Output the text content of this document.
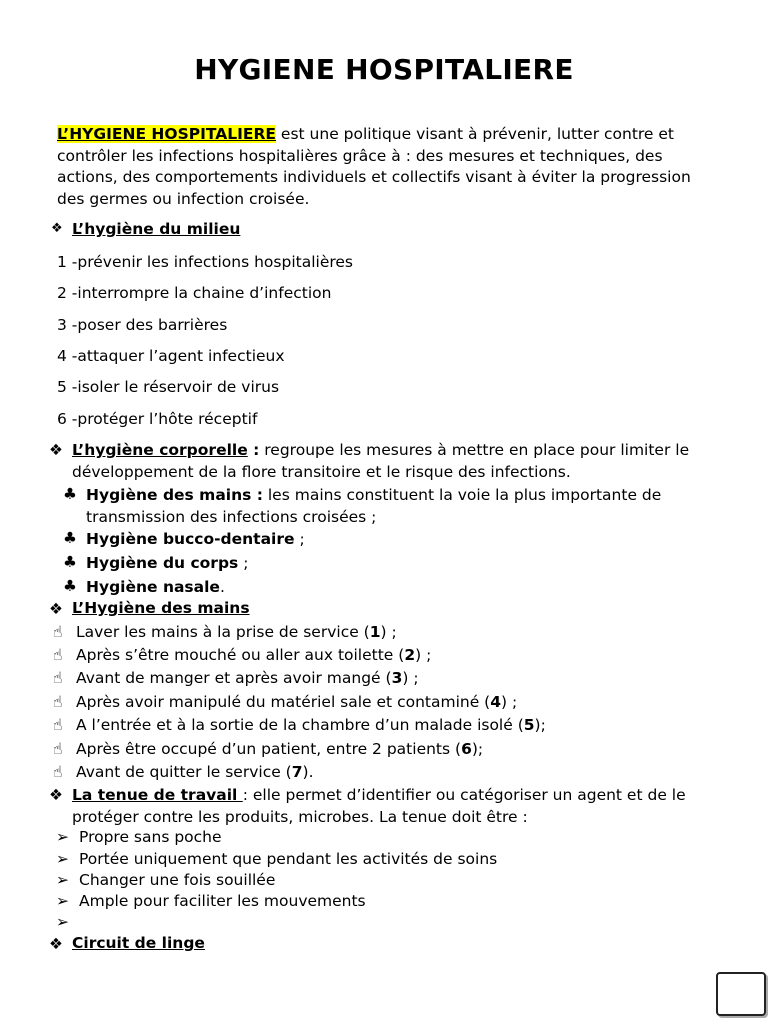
HYGIENE HOSPITALIERE
L’HYGIENE HOSPITALIERE est une politique visant à prévenir, lutter contre et contrôler les infections hospitalières grâce à : des mesures et techniques, des actions, des comportements individuels et collectifs visant à éviter la progression des germes ou infection croisée.
❖ L’hygiène du milieu
1 -prévenir les infections hospitalières
2 -interrompre la chaine d’infection
3 -poser des barrières
4 -attaquer l’agent infectieux
5 -isoler le réservoir de virus
6 -protéger l’hôte réceptif
❖ L’hygiène corporelle : regroupe les mesures à mettre en place pour limiter le développement de la flore transitoire et le risque des infections.
♣ Hygiène des mains : les mains constituent la voie la plus importante de transmission des infections croisées ;
♣ Hygiène bucco-dentaire ;
♣ Hygiène du corps ;
♣ Hygiène nasale.
❖ L’Hygiène des mains
☝ Laver les mains à la prise de service (1) ;
☝ Après s’être mouché ou aller aux toilette (2) ;
☝ Avant de manger et après avoir mangé (3) ;
☝ Après avoir manipulé du matériel sale et contaminé (4) ;
☝ A l’entrée et à la sortie de la chambre d’un malade isolé (5);
☝ Après être occupé d’un patient, entre 2 patients (6);
☝ Avant de quitter le service (7).
❖ La tenue de travail : elle permet d’identifier ou catégoriser un agent et de le protéger contre les produits, microbes. La tenue doit être :
➢ Propre sans poche
➢ Portée uniquement que pendant les activités de soins
➢ Changer une fois souillée
➢ Ample pour faciliter les mouvements
➢
❖ Circuit de linge
